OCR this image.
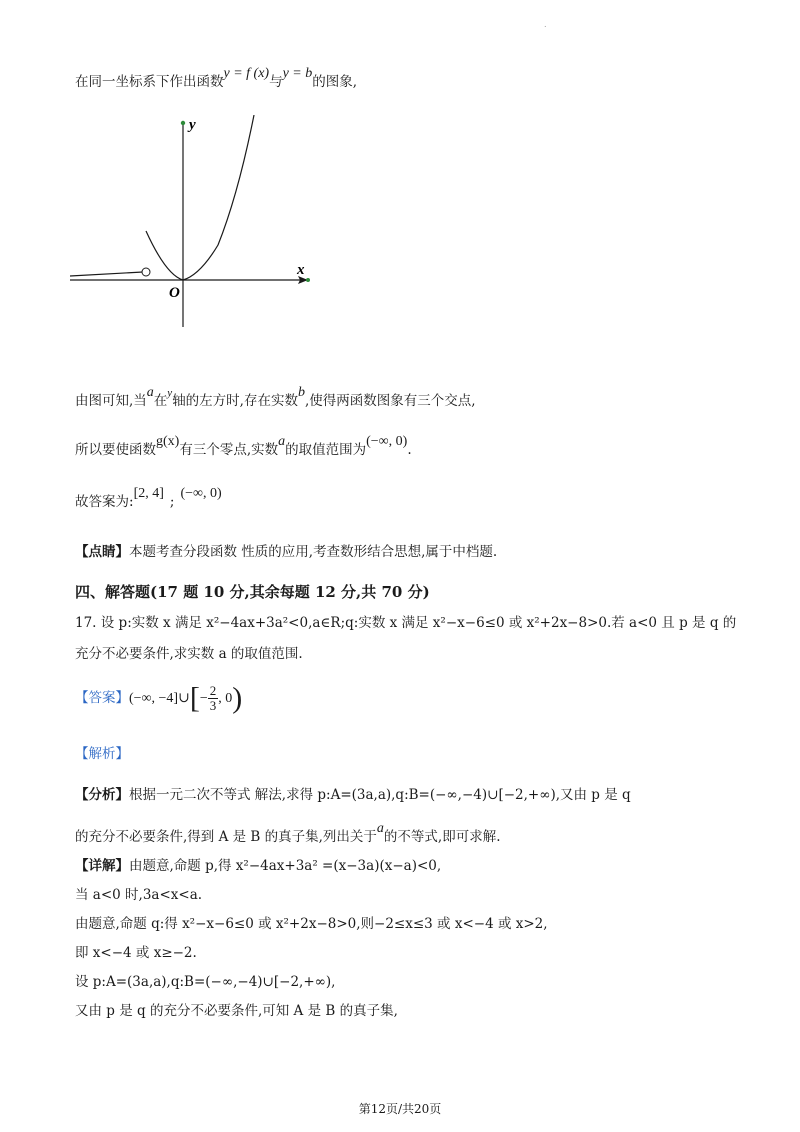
.
在同一坐标系下作出函数y = f (x)与y = b的图象,
y
x
O
由图可知,当a在$^y$轴的左方时,存在实数b,使得两函数图象有三个交点,
所以要使函数g(x)有三个零点,实数a的取值范围为(−∞, 0).
故答案为:[2, 4];(−∞, 0)
【点睛】本题考查分段函数 性质的应用,考查数形结合思想,属于中档题.
四、解答题(17 题 10 分,其余每题 12 分,共 70 分)
17. 设 p:实数 x 满足 x²−4ax+3a²<0,a∈R;q:实数 x 满足 x²−x−6≤0 或 x²+2x−8>0.若 a<0 且 p 是 q 的
充分不必要条件,求实数 a 的取值范围.
【答案】(−∞, −4]∪[− $\frac{2}{3}$ , 0)
【解析】
【分析】根据一元二次不等式 解法,求得 p:A=(3a,a),q:B=(−∞,−4)∪[−2,+∞),又由 p 是 q
的充分不必要条件,得到 A 是 B 的真子集,列出关于a的不等式,即可求解.
【详解】由题意,命题 p,得 x²−4ax+3a² =(x−3a)(x−a)<0,
当 a<0 时,3a<x<a.
由题意,命题 q:得 x²−x−6≤0 或 x²+2x−8>0,则−2≤x≤3 或 x<−4 或 x>2,
即 x<−4 或 x≥−2.
设 p:A=(3a,a),q:B=(−∞,−4)∪[−2,+∞),
又由 p 是 q 的充分不必要条件,可知 A 是 B 的真子集,
第12页/共20页
